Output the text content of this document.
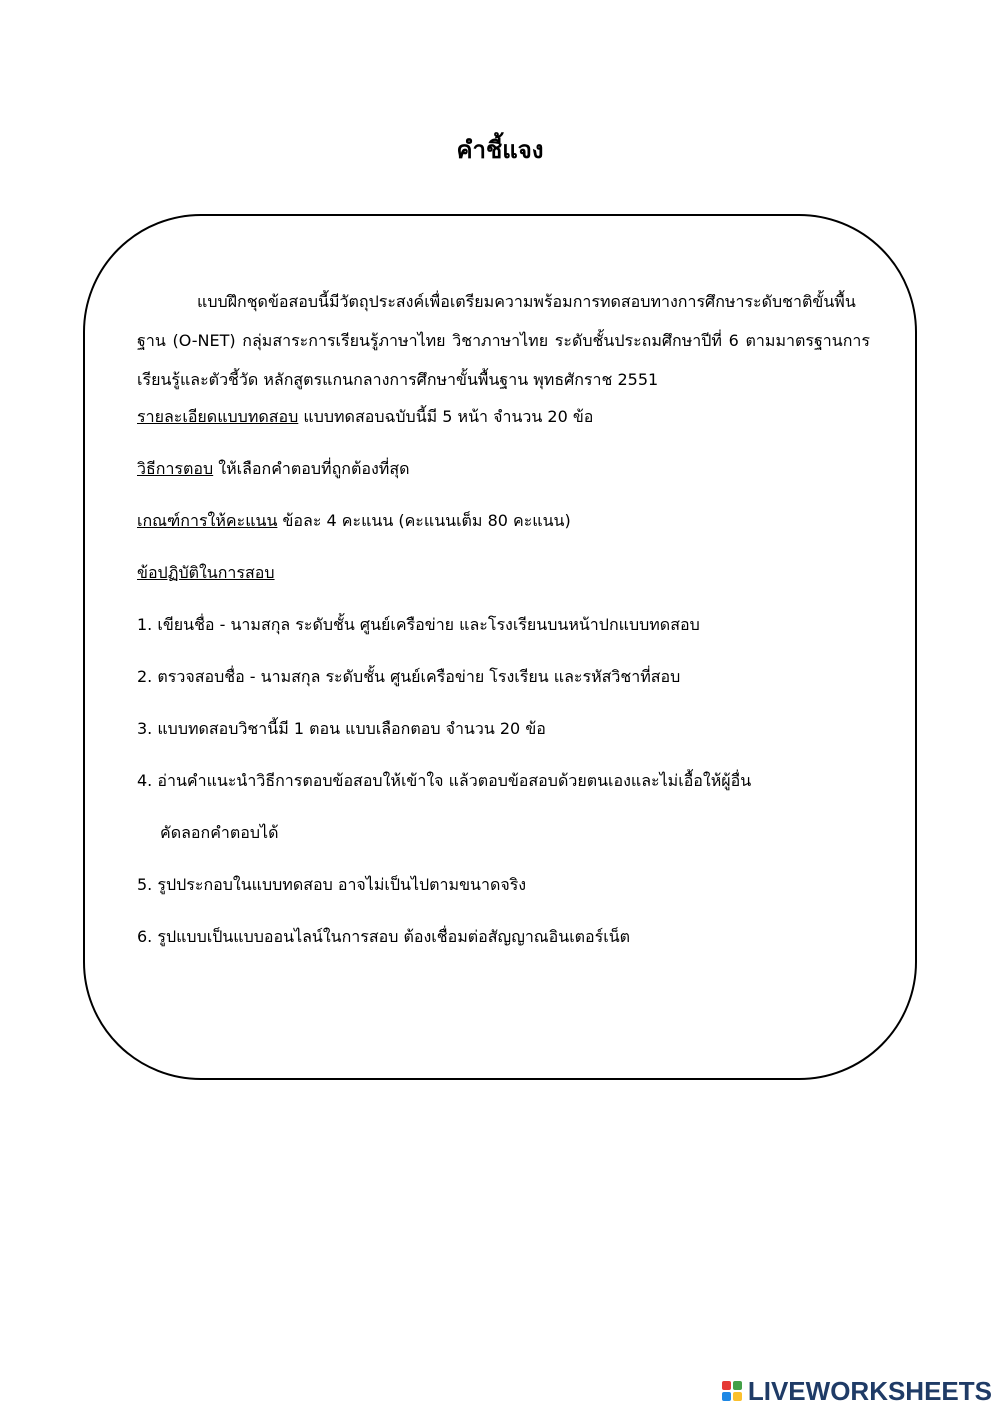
คำชี้แจง
แบบฝึกชุดข้อสอบนี้มีวัตถุประสงค์เพื่อเตรียมความพร้อมการทดสอบทางการศึกษาระดับชาติขั้นพื้นฐาน (O-NET) กลุ่มสาระการเรียนรู้ภาษาไทย วิชาภาษาไทย ระดับชั้นประถมศึกษาปีที่ 6 ตามมาตรฐานการเรียนรู้และตัวชี้วัด หลักสูตรแกนกลางการศึกษาขั้นพื้นฐาน พุทธศักราช 2551
รายละเอียดแบบทดสอบ แบบทดสอบฉบับนี้มี 5 หน้า จำนวน 20 ข้อ
วิธีการตอบ ให้เลือกคำตอบที่ถูกต้องที่สุด
เกณฑ์การให้คะแนน ข้อละ 4 คะแนน (คะแนนเต็ม 80 คะแนน)
ข้อปฏิบัติในการสอบ
1. เขียนชื่อ - นามสกุล ระดับชั้น ศูนย์เครือข่าย และโรงเรียนบนหน้าปกแบบทดสอบ
2. ตรวจสอบชื่อ - นามสกุล ระดับชั้น ศูนย์เครือข่าย โรงเรียน และรหัสวิชาที่สอบ
3. แบบทดสอบวิชานี้มี 1 ตอน แบบเลือกตอบ จำนวน 20 ข้อ
4. อ่านคำแนะนำวิธีการตอบข้อสอบให้เข้าใจ แล้วตอบข้อสอบด้วยตนเองและไม่เอื้อให้ผู้อื่น
คัดลอกคำตอบได้
5. รูปประกอบในแบบทดสอบ อาจไม่เป็นไปตามขนาดจริง
6. รูปแบบเป็นแบบออนไลน์ในการสอบ ต้องเชื่อมต่อสัญญาณอินเตอร์เน็ต
LIVEWORKSHEETS
